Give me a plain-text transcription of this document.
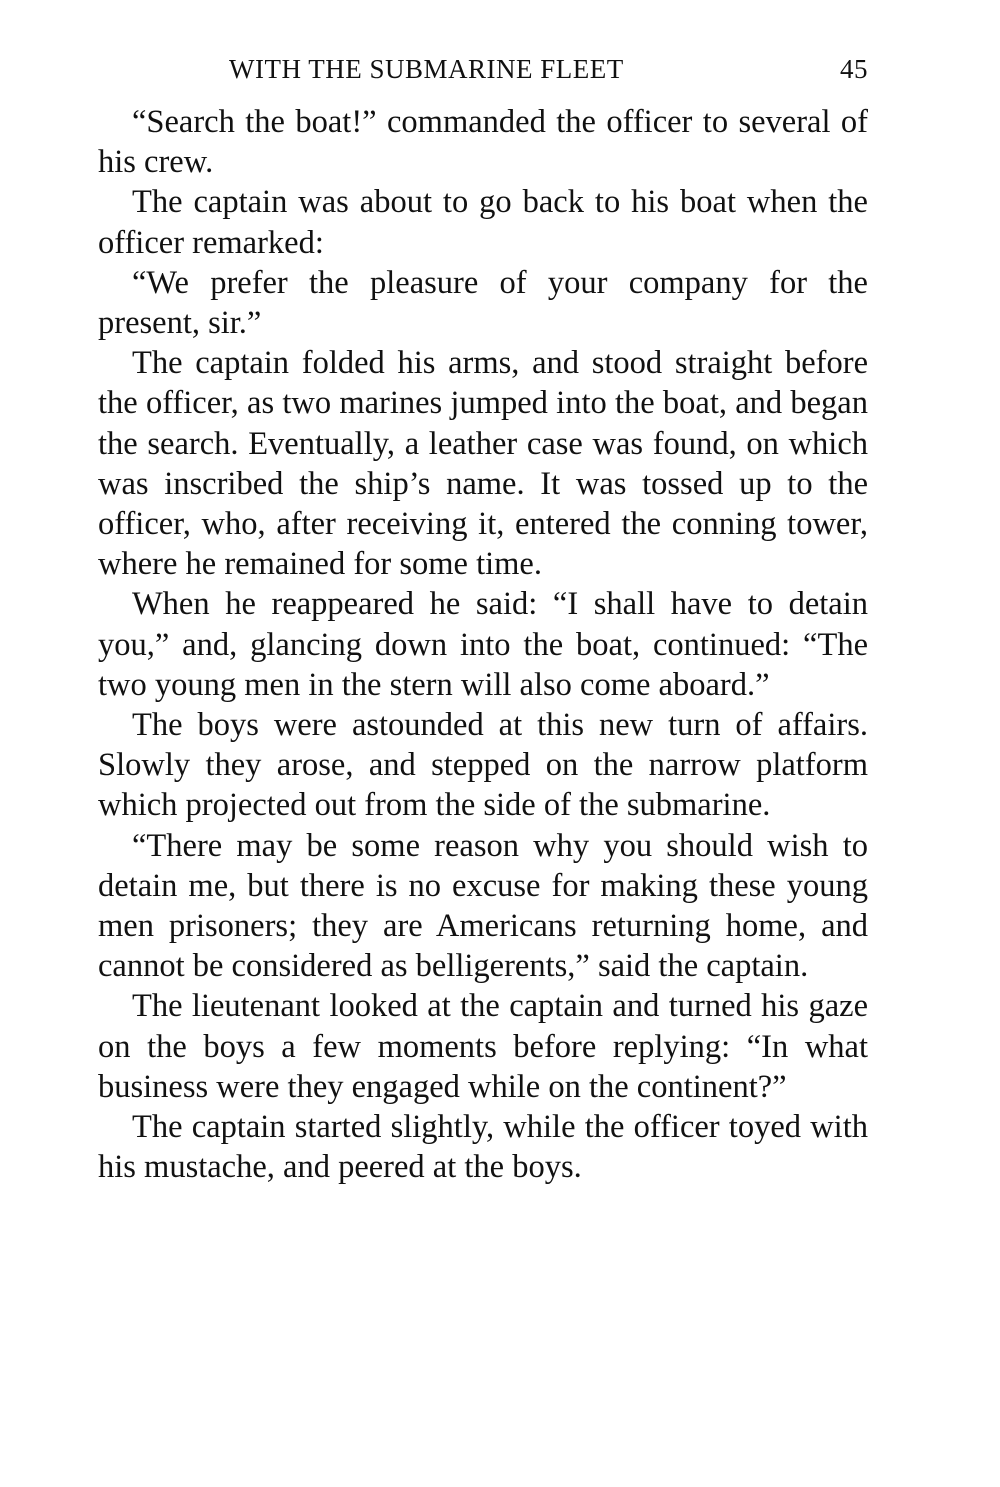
WITH THE SUBMARINE FLEET	45

“Search the boat!” commanded the officer to several of his crew.

The captain was about to go back to his boat when the officer remarked:

“We prefer the pleasure of your company for the present, sir.”

The captain folded his arms, and stood straight before the officer, as two marines jumped into the boat, and began the search. Eventually, a leather case was found, on which was inscribed the ship’s name. It was tossed up to the officer, who, after receiving it, entered the conning tower, where he remained for some time.

When he reappeared he said: “I shall have to detain you,” and, glancing down into the boat, continued: “The two young men in the stern will also come aboard.”

The boys were astounded at this new turn of affairs. Slowly they arose, and stepped on the narrow platform which projected out from the side of the submarine.

“There may be some reason why you should wish to detain me, but there is no excuse for making these young men prisoners; they are Americans returning home, and cannot be considered as belligerents,” said the captain.

The lieutenant looked at the captain and turned his gaze on the boys a few moments before replying: “In what business were they engaged while on the continent?”

The captain started slightly, while the officer toyed with his mustache, and peered at the boys.
